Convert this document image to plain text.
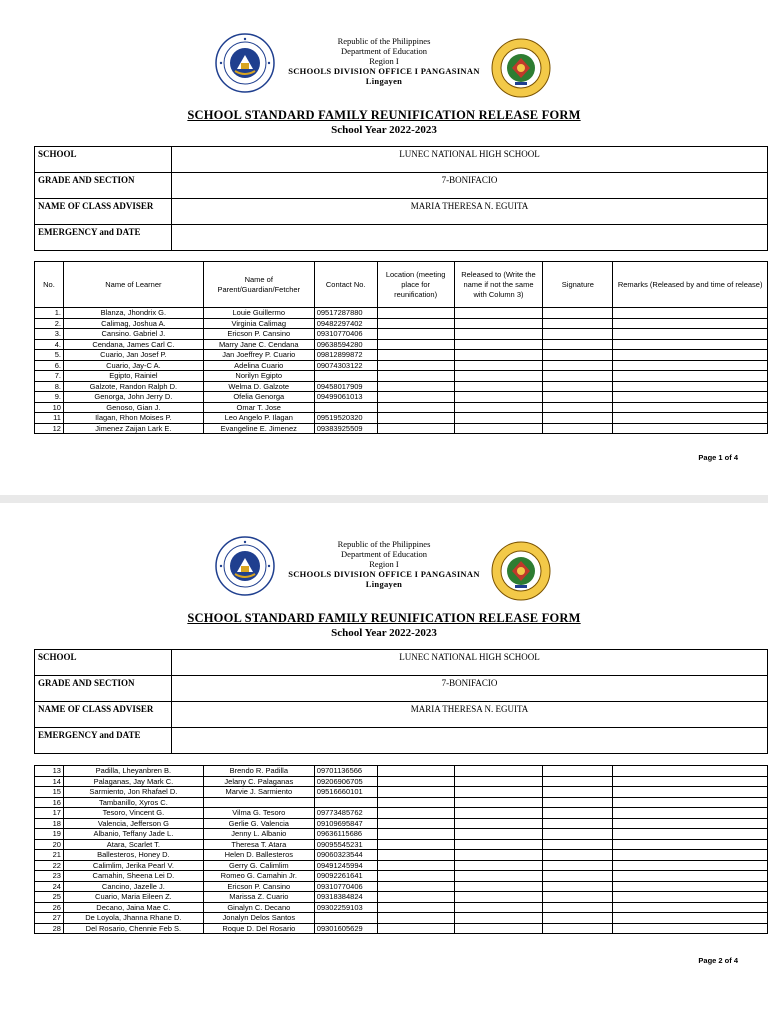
Republic of the Philippines
Department of Education
Region I
SCHOOLS DIVISION OFFICE I PANGASINAN
Lingayen
SCHOOL STANDARD FAMILY REUNIFICATION RELEASE FORM
School Year 2022-2023
SCHOOL	LUNEC NATIONAL HIGH SCHOOL
GRADE AND SECTION	7-BONIFACIO
NAME OF CLASS ADVISER	MARIA THERESA N. EGUITA
EMERGENCY and DATE	
No.	Name of Learner	Name of Parent/Guardian/Fetcher	Contact No.	Location (meeting place for reunification)	Released to (Write the name if not the same with Column 3)	Signature	Remarks (Released by and time of release)
1.	Blanza, Jhondrix G.	Louie Guillermo	09517287880				
2.	Calimag, Joshua A.	Virginia Calimag	09482297402				
3.	Cansino. Gabriel J.	Ericson P. Cansino	09310770406				
4.	Cendana, James Carl C.	Marry Jane C. Cendana	09638594280				
5.	Cuario, Jan Josef P.	Jan Joeffrey P. Cuario	09812899872				
6.	Cuario, Jay-C A.	Adelina Cuario	09074303122				
7.	Egipto, Rainiel	Norilyn Egipto					
8.	Galzote, Randon Ralph D.	Welma D. Galzote	09458017909				
9.	Genorga, John Jerry D.	Ofelia Genorga	09499061013				
10	Genoso, Gian J.	Omar T. Jose					
11	Ilagan, Rhon Moises P.	Leo Angelo P. Ilagan	09519520320				
12	Jimenez Zaijan Lark E.	Evangeline E. Jimenez	09383925509				
Page 1 of 4
Republic of the Philippines
Department of Education
Region I
SCHOOLS DIVISION OFFICE I PANGASINAN
Lingayen
SCHOOL STANDARD FAMILY REUNIFICATION RELEASE FORM
School Year 2022-2023
SCHOOL	LUNEC NATIONAL HIGH SCHOOL
GRADE AND SECTION	7-BONIFACIO
NAME OF CLASS ADVISER	MARIA THERESA N. EGUITA
EMERGENCY and DATE	
13	Padilla, Lheyanbren B.	Brendo R. Padilla	09701136566				
14	Palaganas, Jay Mark C.	Jelany C. Palaganas	09206906705				
15	Sarmiento, Jon Rhafael D.	Marvie J. Sarmiento	09516660101				
16	Tambanillo, Xyros C.						
17	Tesoro, Vincent G.	Vilma G. Tesoro	09773485762				
18	Valencia, Jefferson G	Gerlie G. Valencia	09109695847				
19	Albanio, Teffany Jade L.	Jenny L. Albanio	09636115686				
20	Atara, Scarlet T.	Theresa T. Atara	09095545231				
21	Ballesteros, Honey D.	Helen D. Ballesteros	09060323544				
22	Calimlim, Jerika Pearl V.	Gerry G. Calimlim	09491245994				
23	Camahin, Sheena Lei D.	Romeo G. Camahin Jr.	09092261641				
24	Cancino, Jazelle J.	Ericson P. Cansino	09310770406				
25	Cuario, Maria Eileen Z.	Marissa Z. Cuario	09318384824				
26	Decano, Jaina Mae C.	Ginalyn C. Decano	09302259103				
27	De Loyola, Jhanna Rhane D.	Jonalyn Delos Santos					
28	Del Rosario, Chennie Feb S.	Roque D. Del Rosario	09301605629				
Page 2 of 4
